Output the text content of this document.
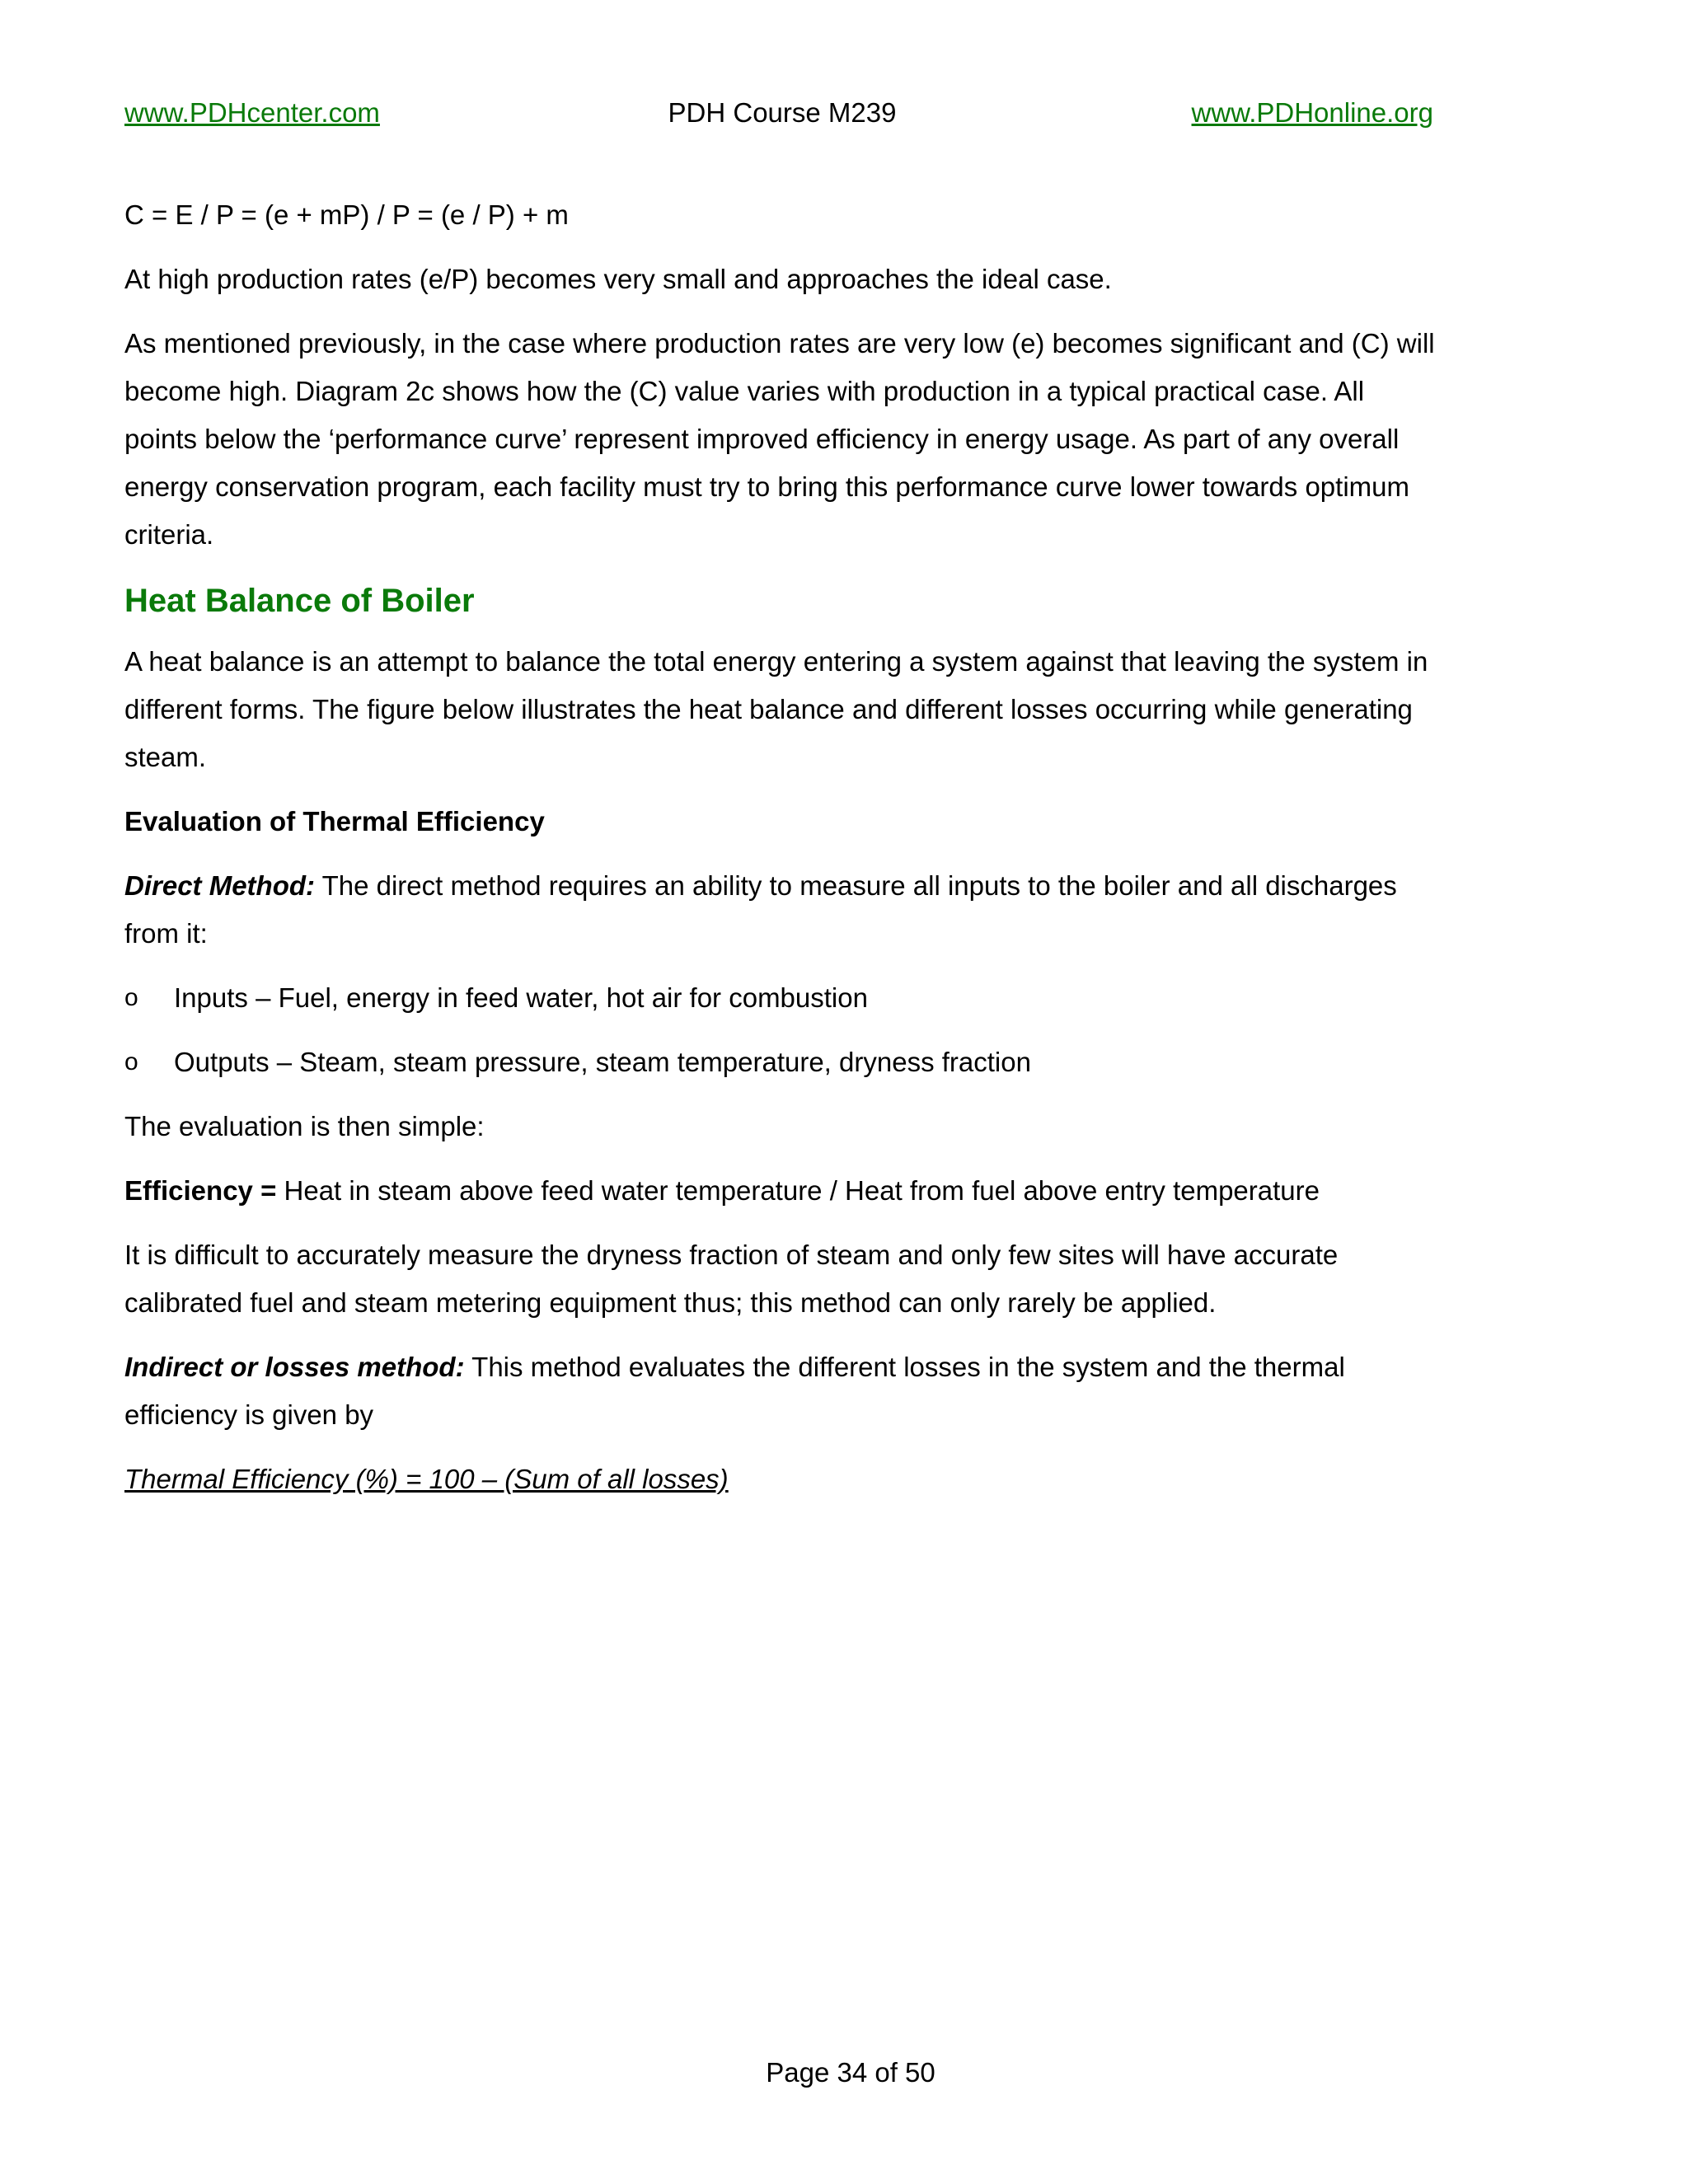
www.PDHcenter.com	PDH Course M239	www.PDHonline.org

C = E / P = (e + mP) / P = (e / P) + m

At high production rates (e/P) becomes very small and approaches the ideal case.

As mentioned previously, in the case where production rates are very low (e) becomes significant and (C) will become high. Diagram 2c shows how the (C) value varies with production in a typical practical case. All points below the ‘performance curve’ represent improved efficiency in energy usage. As part of any overall energy conservation program, each facility must try to bring this performance curve lower towards optimum criteria.

Heat Balance of Boiler

A heat balance is an attempt to balance the total energy entering a system against that leaving the system in different forms. The figure below illustrates the heat balance and different losses occurring while generating steam.

Evaluation of Thermal Efficiency

Direct Method: The direct method requires an ability to measure all inputs to the boiler and all discharges from it:

o Inputs – Fuel, energy in feed water, hot air for combustion
o Outputs – Steam, steam pressure, steam temperature, dryness fraction

The evaluation is then simple:

Efficiency = Heat in steam above feed water temperature / Heat from fuel above entry temperature

It is difficult to accurately measure the dryness fraction of steam and only few sites will have accurate calibrated fuel and steam metering equipment thus; this method can only rarely be applied.

Indirect or losses method: This method evaluates the different losses in the system and the thermal efficiency is given by

Thermal Efficiency (%) = 100 – (Sum of all losses)

Page 34 of 50
